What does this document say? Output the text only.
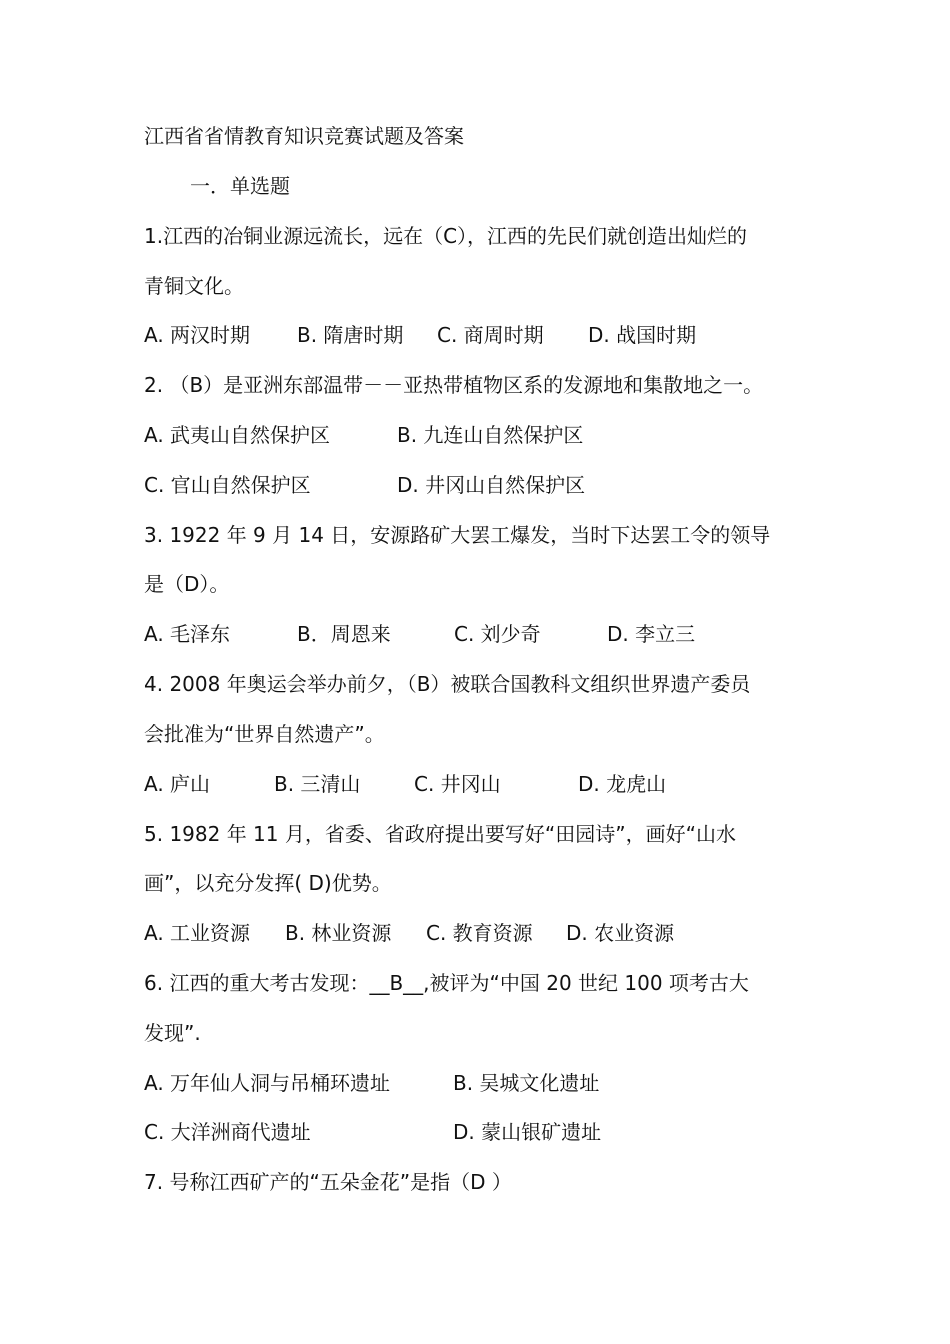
江西省省情教育知识竞赛试题及答案
一．单选题
1.江西的冶铜业源远流长，远在（C），江西的先民们就创造出灿烂的
青铜文化。
A. 两汉时期 B. 隋唐时期 C. 商周时期 D. 战国时期
2. （B）是亚洲东部温带－－亚热带植物区系的发源地和集散地之一。
A. 武夷山自然保护区	B. 九连山自然保护区
C. 官山自然保护区	D. 井冈山自然保护区
3. 1922 年 9 月 14 日，安源路矿大罢工爆发，当时下达罢工令的领导
是（D）。
A. 毛泽东	B．周恩来	C. 刘少奇	D. 李立三
4. 2008 年奥运会举办前夕，（B）被联合国教科文组织世界遗产委员
会批准为“世界自然遗产”。
A. 庐山	B. 三清山	C. 井冈山	D. 龙虎山
5. 1982 年 11 月，省委、省政府提出要写好“田园诗”，画好“山水
画”，以充分发挥( D)优势。
A. 工业资源 B. 林业资源 C. 教育资源 D. 农业资源
6. 江西的重大考古发现：__B__,被评为“中国 20 世纪 100 项考古大
发现”.
A. 万年仙人洞与吊桶环遗址	B. 吴城文化遗址
C. 大洋洲商代遗址	D. 蒙山银矿遗址
7. 号称江西矿产的“五朵金花”是指（D ）
